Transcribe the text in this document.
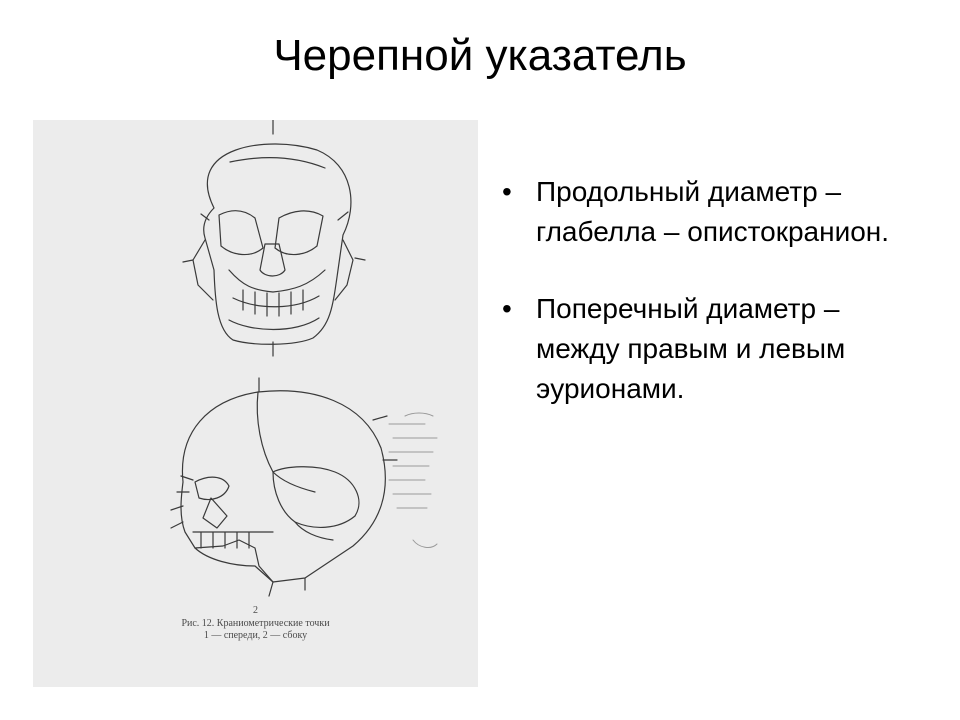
Черепной указатель
2
Рис. 12. Краниометрические точки
1 — спереди, 2 — сбоку
• Продольный диаметр – глабелла – опистокранион.
• Поперечный диаметр – между правым и левым эурионами.
